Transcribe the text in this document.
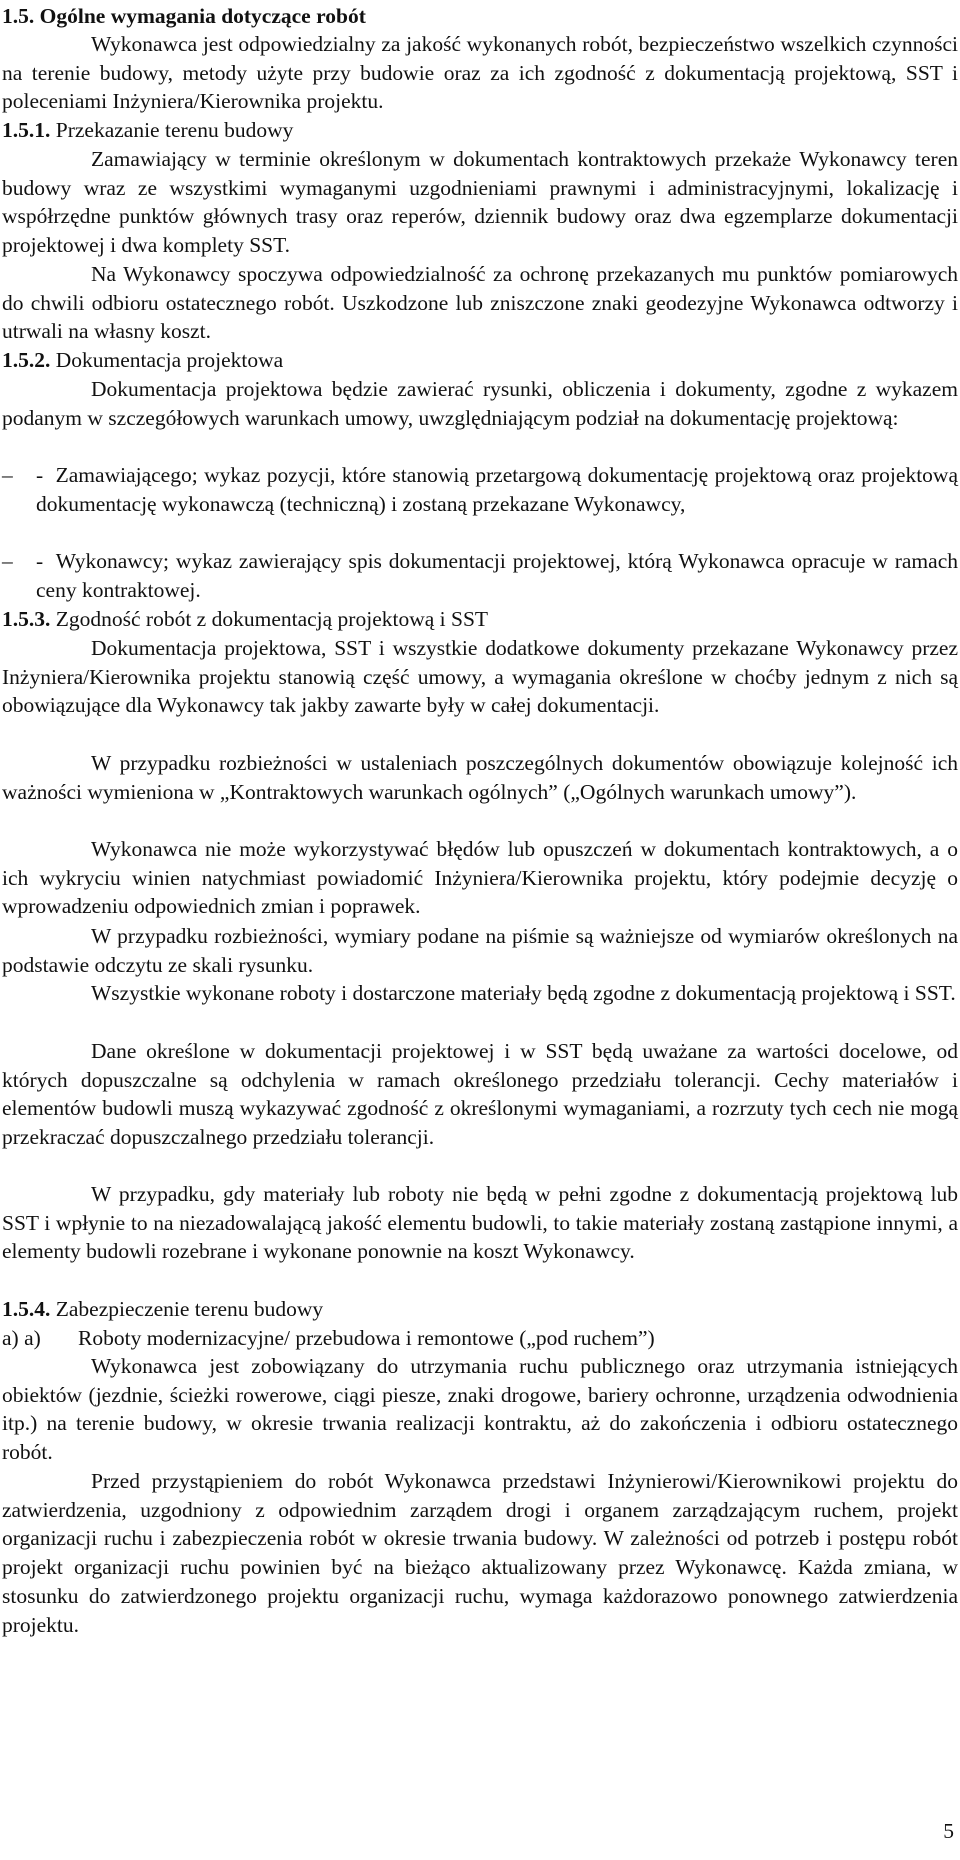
1.5. Ogólne wymagania dotyczące robót
Wykonawca jest odpowiedzialny za jakość wykonanych robót, bezpieczeństwo wszelkich czynności na terenie budowy, metody użyte przy budowie oraz za ich zgodność z dokumentacją projektową, SST i poleceniami Inżyniera/Kierownika projektu.
1.5.1. Przekazanie terenu budowy
Zamawiający w terminie określonym w dokumentach kontraktowych przekaże Wykonawcy teren budowy wraz ze wszystkimi wymaganymi uzgodnieniami prawnymi i administracyjnymi, lokalizację i współrzędne punktów głównych trasy oraz reperów, dziennik budowy oraz dwa egzemplarze dokumentacji projektowej i dwa komplety SST.
Na Wykonawcy spoczywa odpowiedzialność za ochronę przekazanych mu punktów pomiarowych do chwili odbioru ostatecznego robót. Uszkodzone lub zniszczone znaki geodezyjne Wykonawca odtworzy i utrwali na własny koszt.
1.5.2. Dokumentacja projektowa
Dokumentacja projektowa będzie zawierać rysunki, obliczenia i dokumenty, zgodne z wykazem podanym w szczegółowych warunkach umowy, uwzględniającym podział na dokumentację projektową:
– - Zamawiającego; wykaz pozycji, które stanowią przetargową dokumentację projektową oraz projektową dokumentację wykonawczą (techniczną) i zostaną przekazane Wykonawcy,
– - Wykonawcy; wykaz zawierający spis dokumentacji projektowej, którą Wykonawca opracuje w ramach ceny kontraktowej.
1.5.3. Zgodność robót z dokumentacją projektową i SST
Dokumentacja projektowa, SST i wszystkie dodatkowe dokumenty przekazane Wykonawcy przez Inżyniera/Kierownika projektu stanowią część umowy, a wymagania określone w choćby jednym z nich są obowiązujące dla Wykonawcy tak jakby zawarte były w całej dokumentacji.
W przypadku rozbieżności w ustaleniach poszczególnych dokumentów obowiązuje kolejność ich ważności wymieniona w „Kontraktowych warunkach ogólnych” („Ogólnych warunkach umowy”).
Wykonawca nie może wykorzystywać błędów lub opuszczeń w dokumentach kontraktowych, a o ich wykryciu winien natychmiast powiadomić Inżyniera/Kierownika projektu, który podejmie decyzję o wprowadzeniu odpowiednich zmian i poprawek.
W przypadku rozbieżności, wymiary podane na piśmie są ważniejsze od wymiarów określonych na podstawie odczytu ze skali rysunku.
Wszystkie wykonane roboty i dostarczone materiały będą zgodne z dokumentacją projektową i SST.
Dane określone w dokumentacji projektowej i w SST będą uważane za wartości docelowe, od których dopuszczalne są odchylenia w ramach określonego przedziału tolerancji. Cechy materiałów i elementów budowli muszą wykazywać zgodność z określonymi wymaganiami, a rozrzuty tych cech nie mogą przekraczać dopuszczalnego przedziału tolerancji.
W przypadku, gdy materiały lub roboty nie będą w pełni zgodne z dokumentacją projektową lub SST i wpłynie to na niezadowalającą jakość elementu budowli, to takie materiały zostaną zastąpione innymi, a elementy budowli rozebrane i wykonane ponownie na koszt Wykonawcy.
1.5.4. Zabezpieczenie terenu budowy
a) a) Roboty modernizacyjne/ przebudowa i remontowe („pod ruchem”)
Wykonawca jest zobowiązany do utrzymania ruchu publicznego oraz utrzymania istniejących obiektów (jezdnie, ścieżki rowerowe, ciągi piesze, znaki drogowe, bariery ochronne, urządzenia odwodnienia itp.) na terenie budowy, w okresie trwania realizacji kontraktu, aż do zakończenia i odbioru ostatecznego robót.
Przed przystąpieniem do robót Wykonawca przedstawi Inżynierowi/Kierownikowi projektu do zatwierdzenia, uzgodniony z odpowiednim zarządem drogi i organem zarządzającym ruchem, projekt organizacji ruchu i zabezpieczenia robót w okresie trwania budowy. W zależności od potrzeb i postępu robót projekt organizacji ruchu powinien być na bieżąco aktualizowany przez Wykonawcę. Każda zmiana, w stosunku do zatwierdzonego projektu organizacji ruchu, wymaga każdorazowo ponownego zatwierdzenia projektu.
5
